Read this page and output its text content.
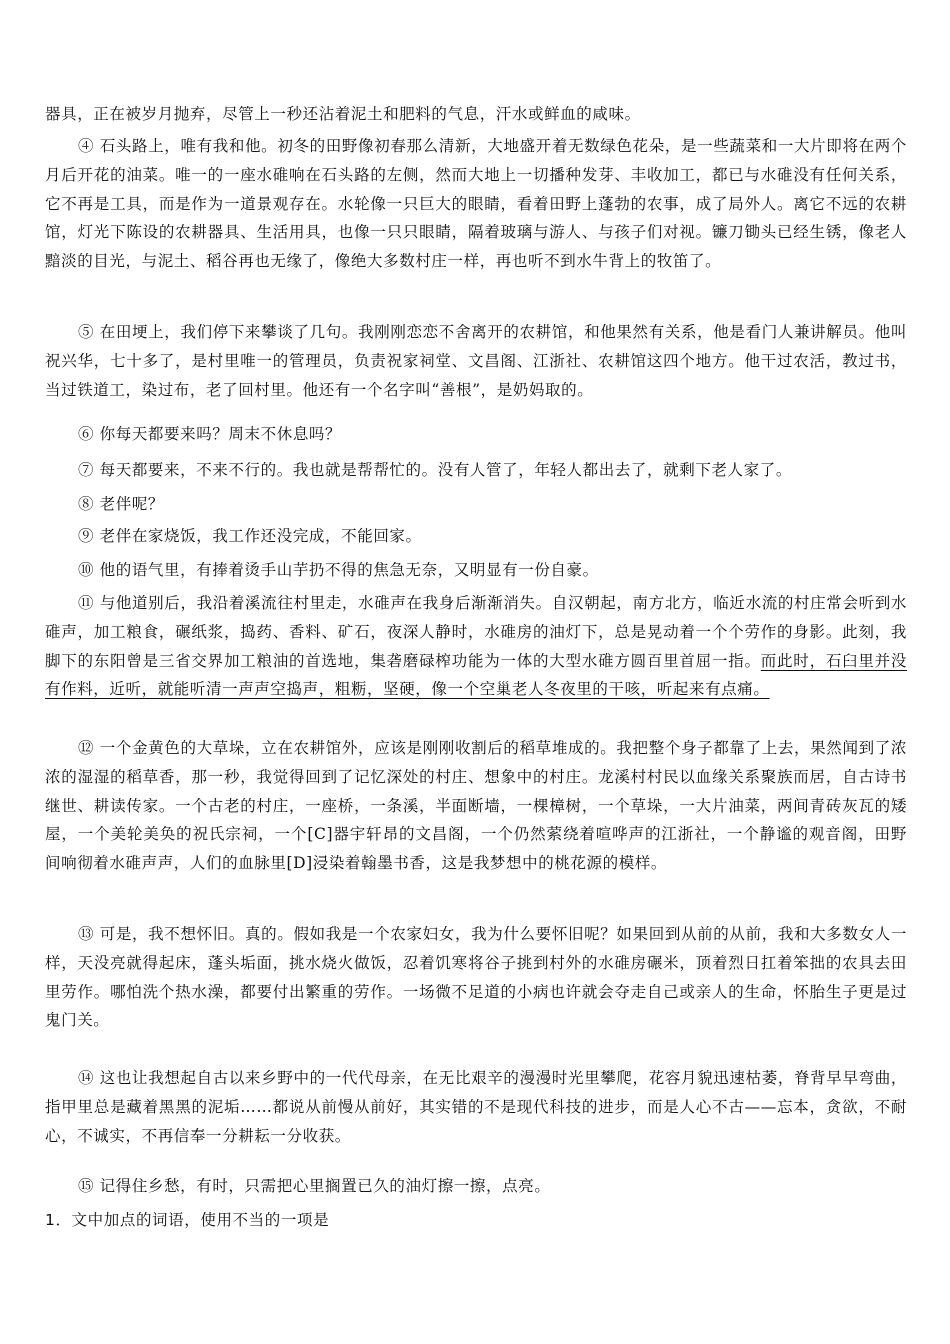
器具，正在被岁月抛弃，尽管上一秒还沾着泥土和肥料的气息，汗水或鲜血的咸味。

④ 石头路上，唯有我和他。初冬的田野像初春那么清新，大地盛开着无数绿色花朵，是一些蔬菜和一大片即将在两个月后开花的油菜。唯一的一座水碓响在石头路的左侧，然而大地上一切播种发芽、丰收加工，都已与水碓没有任何关系，它不再是工具，而是作为一道景观存在。水轮像一只巨大的眼睛，看着田野上蓬勃的农事，成了局外人。离它不远的农耕馆，灯光下陈设的农耕器具、生活用具，也像一只只眼睛，隔着玻璃与游人、与孩子们对视。镰刀锄头已经生锈，像老人黯淡的目光，与泥土、稻谷再也无缘了，像绝大多数村庄一样，再也听不到水牛背上的牧笛了。

⑤ 在田埂上，我们停下来攀谈了几句。我刚刚恋恋不舍离开的农耕馆，和他果然有关系，他是看门人兼讲解员。他叫祝兴华，七十多了，是村里唯一的管理员，负责祝家祠堂、文昌阁、江浙社、农耕馆这四个地方。他干过农活，教过书，当过铁道工，染过布，老了回村里。他还有一个名字叫“善根”，是奶妈取的。

⑥ 你每天都要来吗？周末不休息吗？

⑦ 每天都要来，不来不行的。我也就是帮帮忙的。没有人管了，年轻人都出去了，就剩下老人家了。

⑧ 老伴呢？

⑨ 老伴在家烧饭，我工作还没完成，不能回家。

⑩ 他的语气里，有捧着烫手山芋扔不得的焦急无奈，又明显有一份自豪。

⑪ 与他道别后，我沿着溪流往村里走，水碓声在我身后渐渐消失。自汉朝起，南方北方，临近水流的村庄常会听到水碓声，加工粮食，碾纸浆，捣药、香料、矿石，夜深人静时，水碓房的油灯下，总是晃动着一个个劳作的身影。此刻，我脚下的东阳曾是三省交界加工粮油的首选地，集砻磨碌榨功能为一体的大型水碓方圆百里首屈一指。而此时，石臼里并没有作料，近听，就能听清一声声空捣声，粗粝，坚硬，像一个空巢老人冬夜里的干咳，听起来有点痛。

⑫ 一个金黄色的大草垛，立在农耕馆外，应该是刚刚收割后的稻草堆成的。我把整个身子都靠了上去，果然闻到了浓浓的湿湿的稻草香，那一秒，我觉得回到了记忆深处的村庄、想象中的村庄。龙溪村村民以血缘关系聚族而居，自古诗书继世、耕读传家。一个古老的村庄，一座桥，一条溪，半面断墙，一棵樟树，一个草垛，一大片油菜，两间青砖灰瓦的矮屋，一个美轮美奂的祝氏宗祠，一个[C]器宇轩昂的文昌阁，一个仍然萦绕着喧哗声的江浙社，一个静谧的观音阁，田野间响彻着水碓声声，人们的血脉里[D]浸染着翰墨书香，这是我梦想中的桃花源的模样。

⑬ 可是，我不想怀旧。真的。假如我是一个农家妇女，我为什么要怀旧呢？如果回到从前的从前，我和大多数女人一样，天没亮就得起床，蓬头垢面，挑水烧火做饭，忍着饥寒将谷子挑到村外的水碓房碾米，顶着烈日扛着笨拙的农具去田里劳作。哪怕洗个热水澡，都要付出繁重的劳作。一场微不足道的小病也许就会夺走自己或亲人的生命，怀胎生子更是过鬼门关。

⑭ 这也让我想起自古以来乡野中的一代代母亲，在无比艰辛的漫漫时光里攀爬，花容月貌迅速枯萎，脊背早早弯曲，指甲里总是藏着黑黑的泥垢……都说从前慢从前好，其实错的不是现代科技的进步，而是人心不古——忘本，贪欲，不耐心，不诚实，不再信奉一分耕耘一分收获。

⑮ 记得住乡愁，有时，只需把心里搁置已久的油灯擦一擦，点亮。

1．文中加点的词语，使用不当的一项是
